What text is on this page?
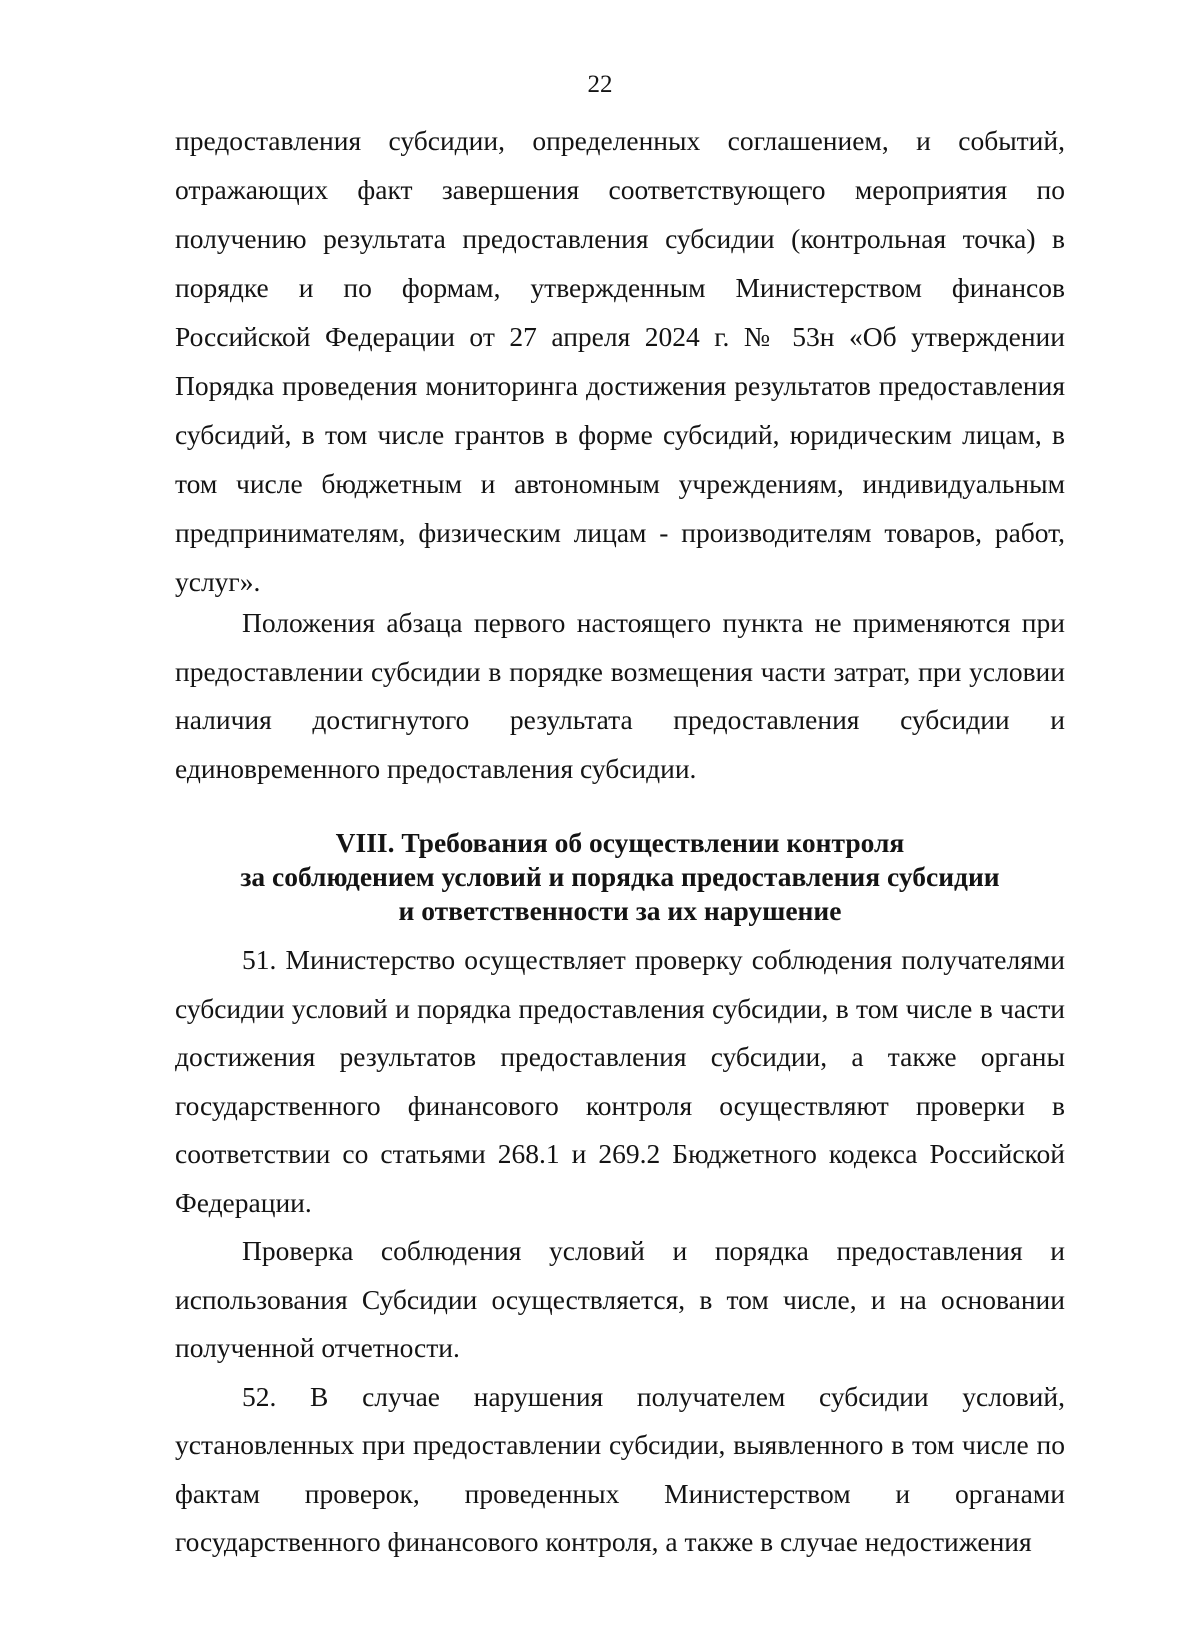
22

предоставления субсидии, определенных соглашением, и событий, отражающих факт завершения соответствующего мероприятия по получению результата предоставления субсидии (контрольная точка) в порядке и по формам, утвержденным Министерством финансов Российской Федерации от 27 апреля 2024 г. № 53н «Об утверждении Порядка проведения мониторинга достижения результатов предоставления субсидий, в том числе грантов в форме субсидий, юридическим лицам, в том числе бюджетным и автономным учреждениям, индивидуальным предпринимателям, физическим лицам - производителям товаров, работ, услуг».

Положения абзаца первого настоящего пункта не применяются при предоставлении субсидии в порядке возмещения части затрат, при условии наличия достигнутого результата предоставления субсидии и единовременного предоставления субсидии.

VIII. Требования об осуществлении контроля
за соблюдением условий и порядка предоставления субсидии
и ответственности за их нарушение

51. Министерство осуществляет проверку соблюдения получателями субсидии условий и порядка предоставления субсидии, в том числе в части достижения результатов предоставления субсидии, а также органы государственного финансового контроля осуществляют проверки в соответствии со статьями 268.1 и 269.2 Бюджетного кодекса Российской Федерации.

Проверка соблюдения условий и порядка предоставления и использования Субсидии осуществляется, в том числе, и на основании полученной отчетности.

52. В случае нарушения получателем субсидии условий, установленных при предоставлении субсидии, выявленного в том числе по фактам проверок, проведенных Министерством и органами государственного финансового контроля, а также в случае недостижения
